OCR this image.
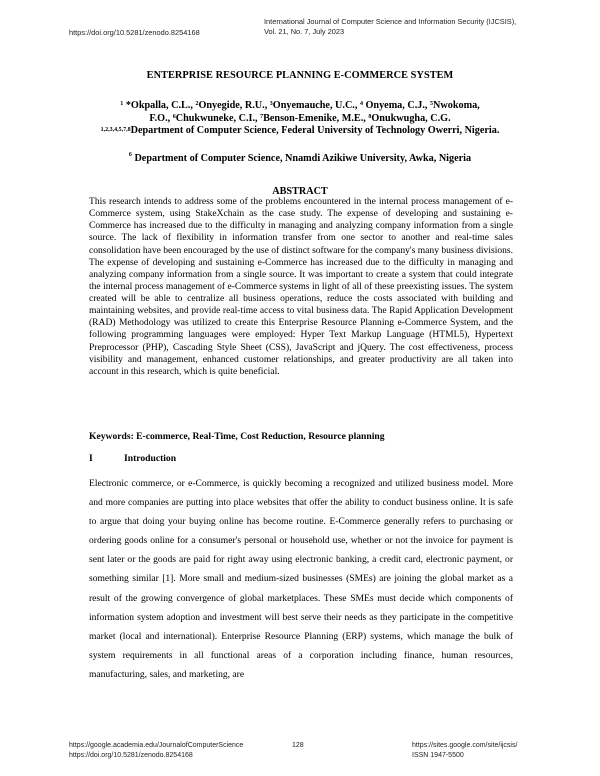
https://doi.org/10.5281/zenodo.8254168
International Journal of Computer Science and Information Security (IJCSIS),
Vol. 21, No. 7, July 2023
ENTERPRISE RESOURCE PLANNING E-COMMERCE SYSTEM
$^1$ *Okpalla, C.L., $^2$Onyegide, R.U., $^3$Onyemauche, U.C., $^4$ Onyema, C.J., $^5$Nwokoma,
F.O., $^6$Chukwuneke, C.I., $^7$Benson-Emenike, M.E., $^8$Onukwugha, C.G.
$^{1,2,3,4,5,7,8}$Department of Computer Science, Federal University of Technology Owerri, Nigeria.
$^6$ Department of Computer Science, Nnamdi Azikiwe University, Awka, Nigeria
ABSTRACT
This research intends to address some of the problems encountered in the internal process management of e-Commerce system, using StakeXchain as the case study. The expense of developing and sustaining e-Commerce has increased due to the difficulty in managing and analyzing company information from a single source. The lack of flexibility in information transfer from one sector to another and real-time sales consolidation have been encouraged by the use of distinct software for the company's many business divisions. The expense of developing and sustaining e-Commerce has increased due to the difficulty in managing and analyzing company information from a single source. It was important to create a system that could integrate the internal process management of e-Commerce systems in light of all of these preexisting issues. The system created will be able to centralize all business operations, reduce the costs associated with building and maintaining websites, and provide real-time access to vital business data. The Rapid Application Development (RAD) Methodology was utilized to create this Enterprise Resource Planning e-Commerce System, and the following programming languages were employed: Hyper Text Markup Language (HTML5), Hypertext Preprocessor (PHP), Cascading Style Sheet (CSS), JavaScript and jQuery. The cost effectiveness, process visibility and management, enhanced customer relationships, and greater productivity are all taken into account in this research, which is quite beneficial.
Keywords: E-commerce, Real-Time, Cost Reduction, Resource planning
I	Introduction
Electronic commerce, or e-Commerce, is quickly becoming a recognized and utilized business model. More and more companies are putting into place websites that offer the ability to conduct business online. It is safe to argue that doing your buying online has become routine. E-Commerce generally refers to purchasing or ordering goods online for a consumer's personal or household use, whether or not the invoice for payment is sent later or the goods are paid for right away using electronic banking, a credit card, electronic payment, or something similar [1]. More small and medium-sized businesses (SMEs) are joining the global market as a result of the growing convergence of global marketplaces. These SMEs must decide which components of information system adoption and investment will best serve their needs as they participate in the competitive market (local and international). Enterprise Resource Planning (ERP) systems, which manage the bulk of system requirements in all functional areas of a corporation including finance, human resources, manufacturing, sales, and marketing, are
https://google.academia.edu/JournalofComputerScience
https://doi.org/10.5281/zenodo.8254168
128	https://sites.google.com/site/ijcsis/
ISSN 1947-5500
